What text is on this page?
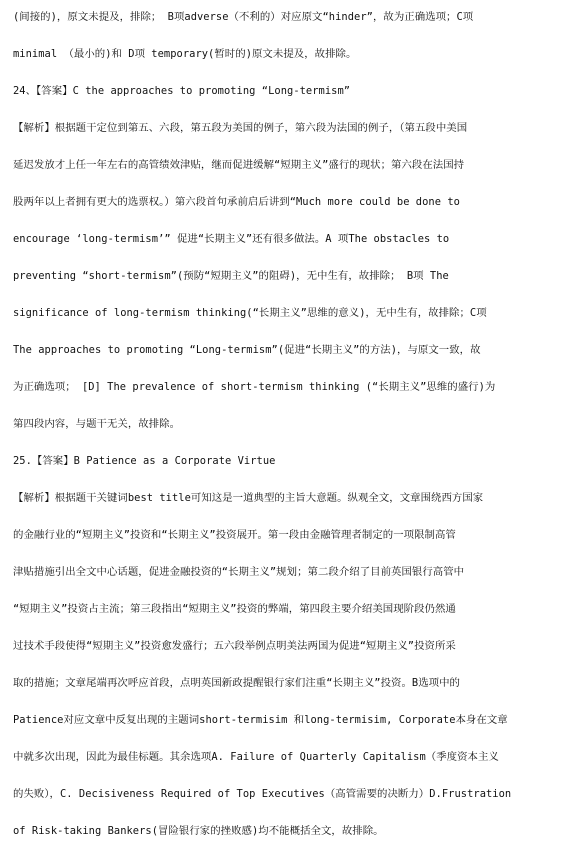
(间接的)，原文未提及，排除； B项adverse（不利的）对应原文“hinder”，故为正确选项；C项
minimal （最小的)和 D项 temporary(暂时的)原文未提及，故排除。
24、【答案】C the approaches to promoting “Long-termism”
【解析】根据题干定位到第五、六段，第五段为美国的例子，第六段为法国的例子，（第五段中美国
延迟发放才上任一年左右的高管绩效津贴，继而促进缓解“短期主义”盛行的现状；第六段在法国持
股两年以上者拥有更大的选票权。）第六段首句承前启后讲到“Much more could be done to
encourage ‘long-termism’” 促进“长期主义”还有很多做法。A 项The obstacles to
preventing “short-termism”(预防“短期主义”的阻碍)，无中生有，故排除； B项 The
significance of long-termism thinking(“长期主义”思维的意义)，无中生有，故排除；C项
The approaches to promoting “Long-termism”(促进“长期主义”的方法)，与原文一致，故
为正确选项； [D] The prevalence of short-termism thinking (“长期主义”思维的盛行)为
第四段内容，与题干无关，故排除。
25.【答案】B Patience as a Corporate Virtue
【解析】根据题干关键词best title可知这是一道典型的主旨大意题。纵观全文，文章围绕西方国家
的金融行业的“短期主义”投资和“长期主义”投资展开。第一段由金融管理者制定的一项限制高管
津贴措施引出全文中心话题，促进金融投资的“长期主义”规划；第二段介绍了目前英国银行高管中
“短期主义”投资占主流；第三段指出“短期主义”投资的弊端，第四段主要介绍美国现阶段仍然通
过技术手段使得“短期主义”投资愈发盛行；五六段举例点明美法两国为促进“短期主义”投资所采
取的措施；文章尾端再次呼应首段，点明英国新政提醒银行家们注重“长期主义”投资。B选项中的
Patience对应文章中反复出现的主题词short-termisim 和long-termisim, Corporate本身在文章
中就多次出现，因此为最佳标题。其余选项A. Failure of Quarterly Capitalism（季度资本主义
的失败），C. Decisiveness Required of Top Executives（高管需要的决断力）D.Frustration
of Risk-taking Bankers(冒险银行家的挫败感)均不能概括全文，故排除。
